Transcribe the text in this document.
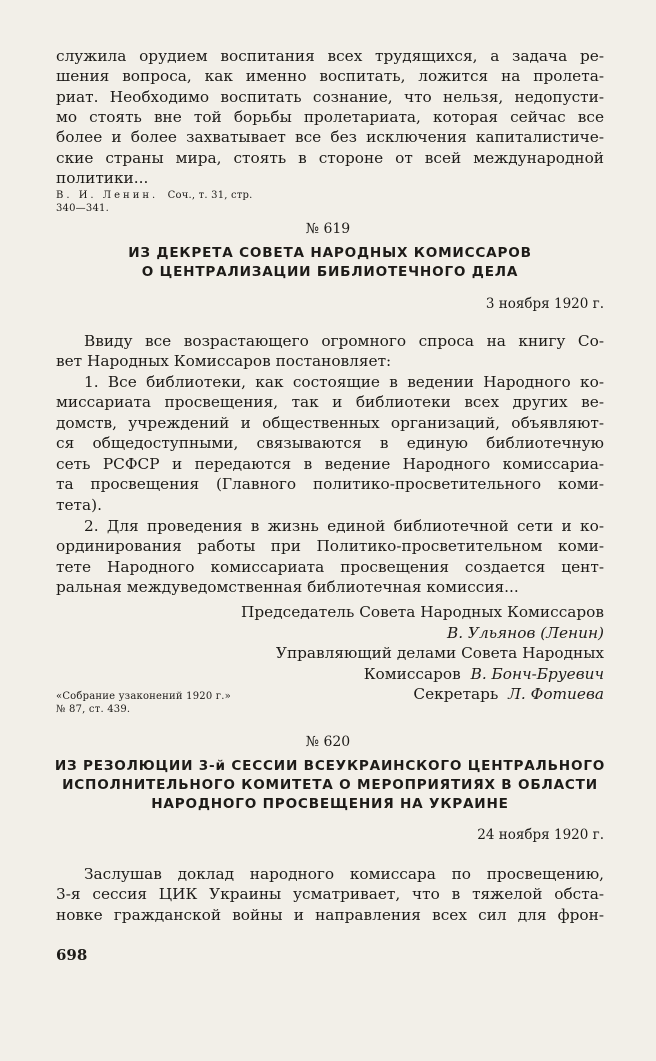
служила орудием воспитания всех трудящихся, а задача ре-
шения вопроса, как именно воспитать, ложится на пролета-
риат. Необходимо воспитать сознание, что нельзя, недопусти-
мо стоять вне той борьбы пролетариата, которая сейчас все
более и более захватывает все без исключения капиталистиче-
ские страны мира, стоять в стороне от всей международной
политики...
В. И. Ленин. Соч., т. 31, стр.
340—341.
№ 619
ИЗ ДЕКРЕТА СОВЕТА НАРОДНЫХ КОМИССАРОВ
О ЦЕНТРАЛИЗАЦИИ БИБЛИОТЕЧНОГО ДЕЛА
3 ноября 1920 г.
Ввиду все возрастающего огромного спроса на книгу Со-
вет Народных Комиссаров постановляет:
1. Все библиотеки, как состоящие в ведении Народного ко-
миссариата просвещения, так и библиотеки всех других ве-
домств, учреждений и общественных организаций, объявляют-
ся общедоступными, связываются в единую библиотечную
сеть РСФСР и передаются в ведение Народного комиссариа-
та просвещения (Главного политико-просветительного коми-
тета).
2. Для проведения в жизнь единой библиотечной сети и ко-
ординирования работы при Политико-просветительном коми-
тете Народного комиссариата просвещения создается цент-
ральная междуведомственная библиотечная комиссия...
Председатель Совета Народных Комиссаров
В. Ульянов (Ленин)
Управляющий делами Совета Народных
Комиссаров В. Бонч-Бруевич
Секретарь Л. Фотиева
«Собрание узаконений 1920 г.»
№ 87, ст. 439.
№ 620
ИЗ РЕЗОЛЮЦИИ 3-й СЕССИИ ВСЕУКРАИНСКОГО ЦЕНТРАЛЬНОГО
ИСПОЛНИТЕЛЬНОГО КОМИТЕТА О МЕРОПРИЯТИЯХ В ОБЛАСТИ
НАРОДНОГО ПРОСВЕЩЕНИЯ НА УКРАИНЕ
24 ноября 1920 г.
Заслушав доклад народного комиссара по просвещению,
3-я сессия ЦИК Украины усматривает, что в тяжелой обста-
новке гражданской войны и направления всех сил для фрон-
698
